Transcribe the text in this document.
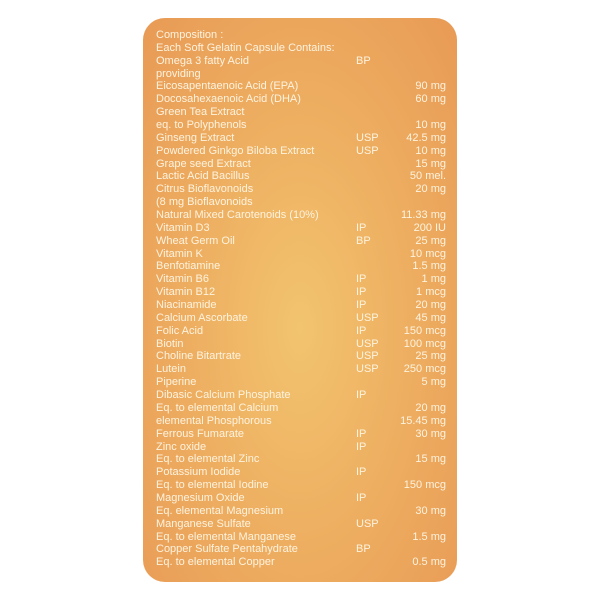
Composition :
Each Soft Gelatin Capsule Contains:
Omega 3 fatty Acid	BP
providing
Eicosapentaenoic Acid (EPA)	90 mg
Docosahexaenoic Acid (DHA)	60 mg
Green Tea Extract
eq. to Polyphenols	10 mg
Ginseng Extract	USP	42.5 mg
Powdered Ginkgo Biloba Extract	USP	10 mg
Grape seed Extract	15 mg
Lactic Acid Bacillus	50 mel.
Citrus Bioflavonoids	20 mg
(8 mg Bioflavonoids
Natural Mixed Carotenoids (10%)	11.33 mg
Vitamin D3	IP	200 IU
Wheat Germ Oil	BP	25 mg
Vitamin K	10 mcg
Benfotiamine	1.5 mg
Vitamin B6	IP	1 mg
Vitamin B12	IP	1 mcg
Niacinamide	IP	20 mg
Calcium Ascorbate	USP	45 mg
Folic Acid	IP	150 mcg
Biotin	USP 100 mcg
Choline Bitartrate	USP	25 mg
Lutein	USP 250 mcg
Piperine	5 mg
Dibasic Calcium Phosphate	IP
Eq. to elemental Calcium	20 mg
elemental Phosphorous	15.45 mg
Ferrous Fumarate	IP	30 mg
Zinc oxide	IP
Eq. to elemental Zinc	15 mg
Potassium Iodide	IP
Eq. to elemental Iodine	150 mcg
Magnesium Oxide	IP
Eq. elemental Magnesium	30 mg
Manganese Sulfate	USP
Eq. to elemental Manganese	1.5 mg
Copper Sulfate Pentahydrate	BP
Eq. to elemental Copper	0.5 mg
